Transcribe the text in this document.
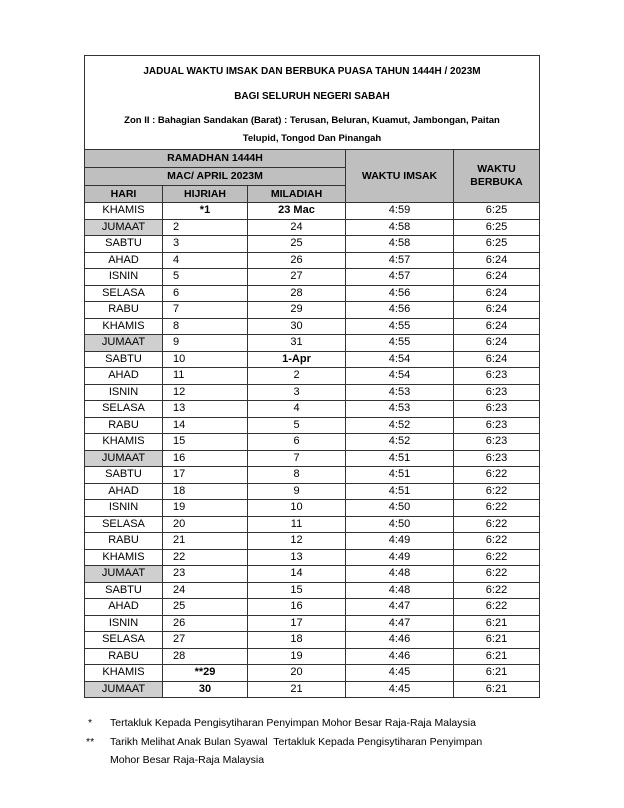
JADUAL WAKTU IMSAK DAN BERBUKA PUASA TAHUN 1444H / 2023M
BAGI SELURUH NEGERI SABAH
Zon II : Bahagian Sandakan (Barat) : Terusan, Beluran, Kuamut, Jambongan, Paitan
Telupid, Tongod Dan Pinangah
RAMADHAN 1444H
MAC/ APRIL 2023M
HARI	HIJRIAH	MILADIAH
WAKTU IMSAK
WAKTU
BERBUKA
KHAMIS	*1	23 Mac	4:59	6:25
JUMAAT	2	24	4:58	6:25
SABTU	3	25	4:58	6:25
AHAD	4	26	4:57	6:24
ISNIN	5	27	4:57	6:24
SELASA	6	28	4:56	6:24
RABU	7	29	4:56	6:24
KHAMIS	8	30	4:55	6:24
JUMAAT	9	31	4:55	6:24
SABTU	10	1-Apr	4:54	6:24
AHAD	11	2	4:54	6:23
ISNIN	12	3	4:53	6:23
SELASA	13	4	4:53	6:23
RABU	14	5	4:52	6:23
KHAMIS	15	6	4:52	6:23
JUMAAT	16	7	4:51	6:23
SABTU	17	8	4:51	6:22
AHAD	18	9	4:51	6:22
ISNIN	19	10	4:50	6:22
SELASA	20	11	4:50	6:22
RABU	21	12	4:49	6:22
KHAMIS	22	13	4:49	6:22
JUMAAT	23	14	4:48	6:22
SABTU	24	15	4:48	6:22
AHAD	25	16	4:47	6:22
ISNIN	26	17	4:47	6:21
SELASA	27	18	4:46	6:21
RABU	28	19	4:46	6:21
KHAMIS	**29	20	4:45	6:21
JUMAAT	30	21	4:45	6:21
* Tertakluk Kepada Pengisytiharan Penyimpan Mohor Besar Raja-Raja Malaysia
** Tarikh Melihat Anak Bulan Syawal  Tertakluk Kepada Pengisytiharan Penyimpan
Mohor Besar Raja-Raja Malaysia
